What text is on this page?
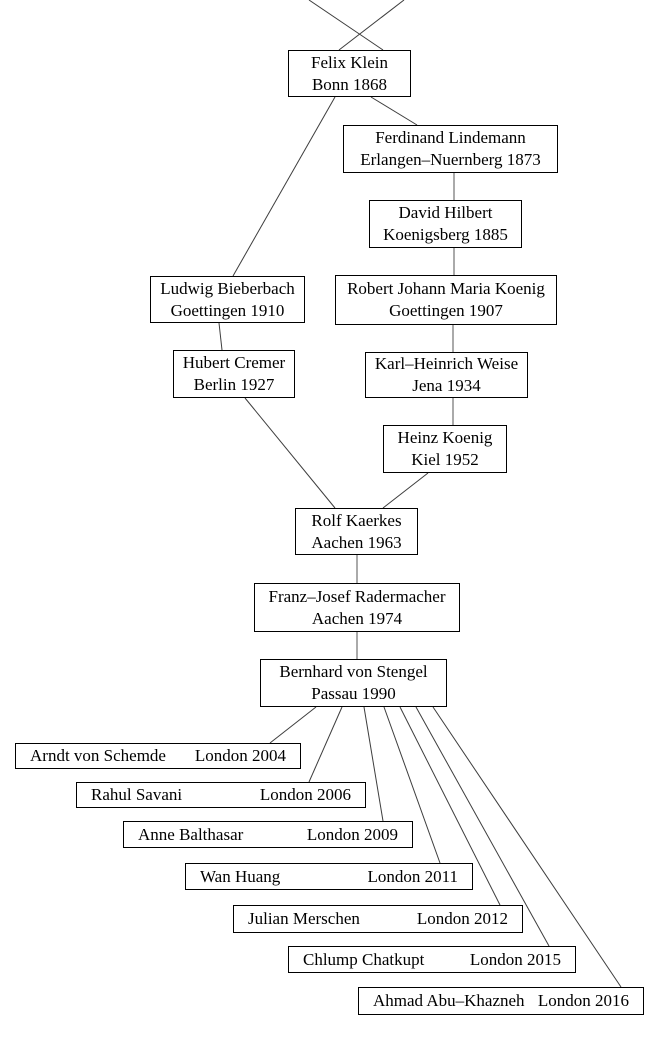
Felix Klein
Bonn 1868
Ferdinand Lindemann
Erlangen–Nuernberg 1873
David Hilbert
Koenigsberg 1885
Ludwig Bieberbach
Goettingen 1910
Robert Johann Maria Koenig
Goettingen 1907
Hubert Cremer
Berlin 1927
Karl–Heinrich Weise
Jena 1934
Heinz Koenig
Kiel 1952
Rolf Kaerkes
Aachen 1963
Franz–Josef Radermacher
Aachen 1974
Bernhard von Stengel
Passau 1990
Arndt von Schemde London 2004
Rahul Savani	London 2006
Anne Balthasar	London 2009
Wan Huang	London 2011
Julian Merschen	London 2012
Chlump Chatkupt	London 2015
Ahmad Abu–Khazneh London 2016
